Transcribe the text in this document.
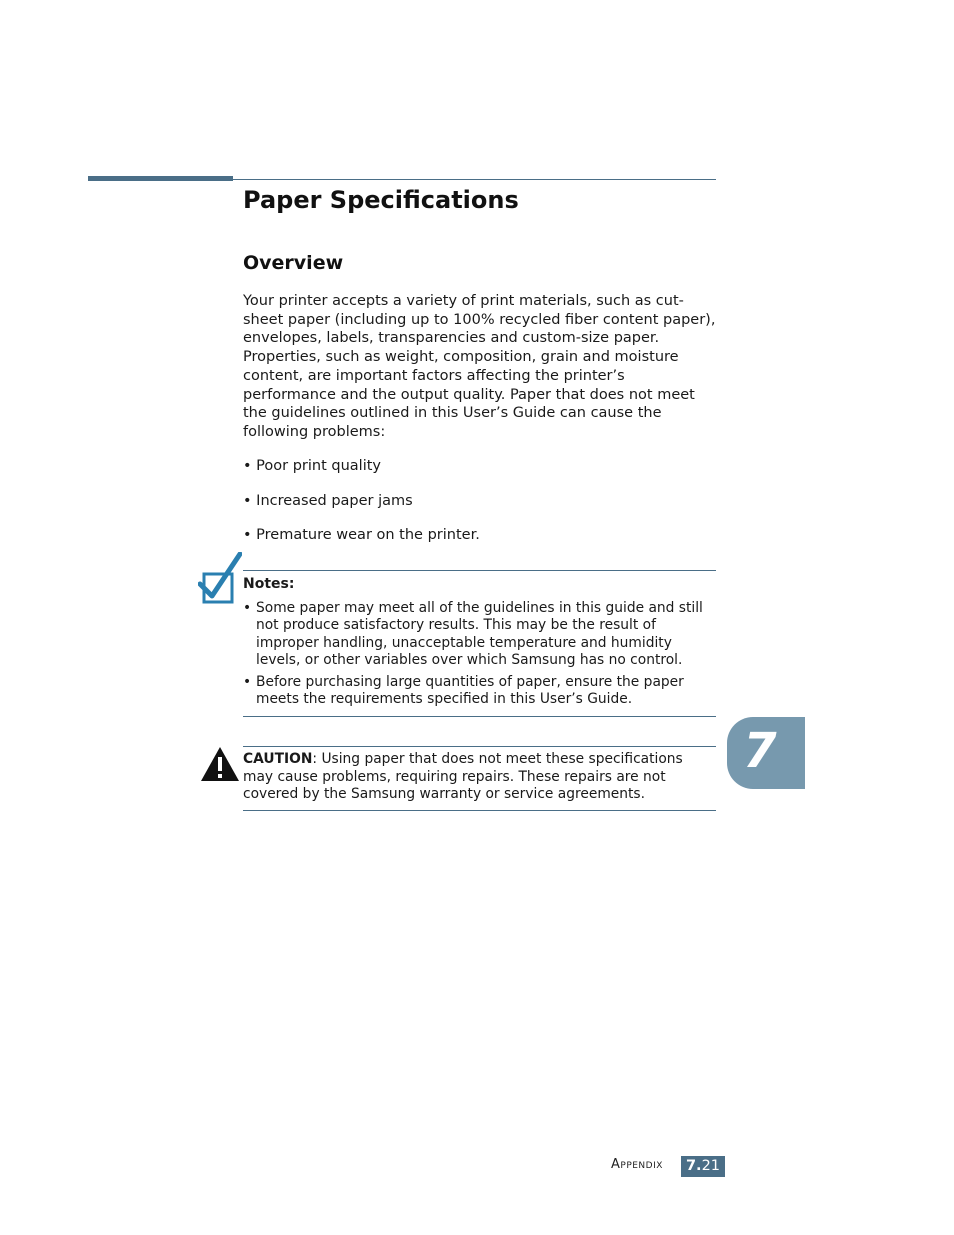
Paper Specifications
Overview

Your printer accepts a variety of print materials, such as cut-sheet paper (including up to 100% recycled fiber content paper), envelopes, labels, transparencies and custom-size paper. Properties, such as weight, composition, grain and moisture content, are important factors affecting the printer’s performance and the output quality. Paper that does not meet the guidelines outlined in this User’s Guide can cause the following problems:

• Poor print quality

• Increased paper jams

• Premature wear on the printer.

Notes:
• Some paper may meet all of the guidelines in this guide and still not produce satisfactory results. This may be the result of improper handling, unacceptable temperature and humidity levels, or other variables over which Samsung has no control.
• Before purchasing large quantities of paper, ensure the paper meets the requirements specified in this User’s Guide.
CAUTION: Using paper that does not meet these specifications may cause problems, requiring repairs. These repairs are not covered by the Samsung warranty or service agreements.
7
Appendix	7.21
